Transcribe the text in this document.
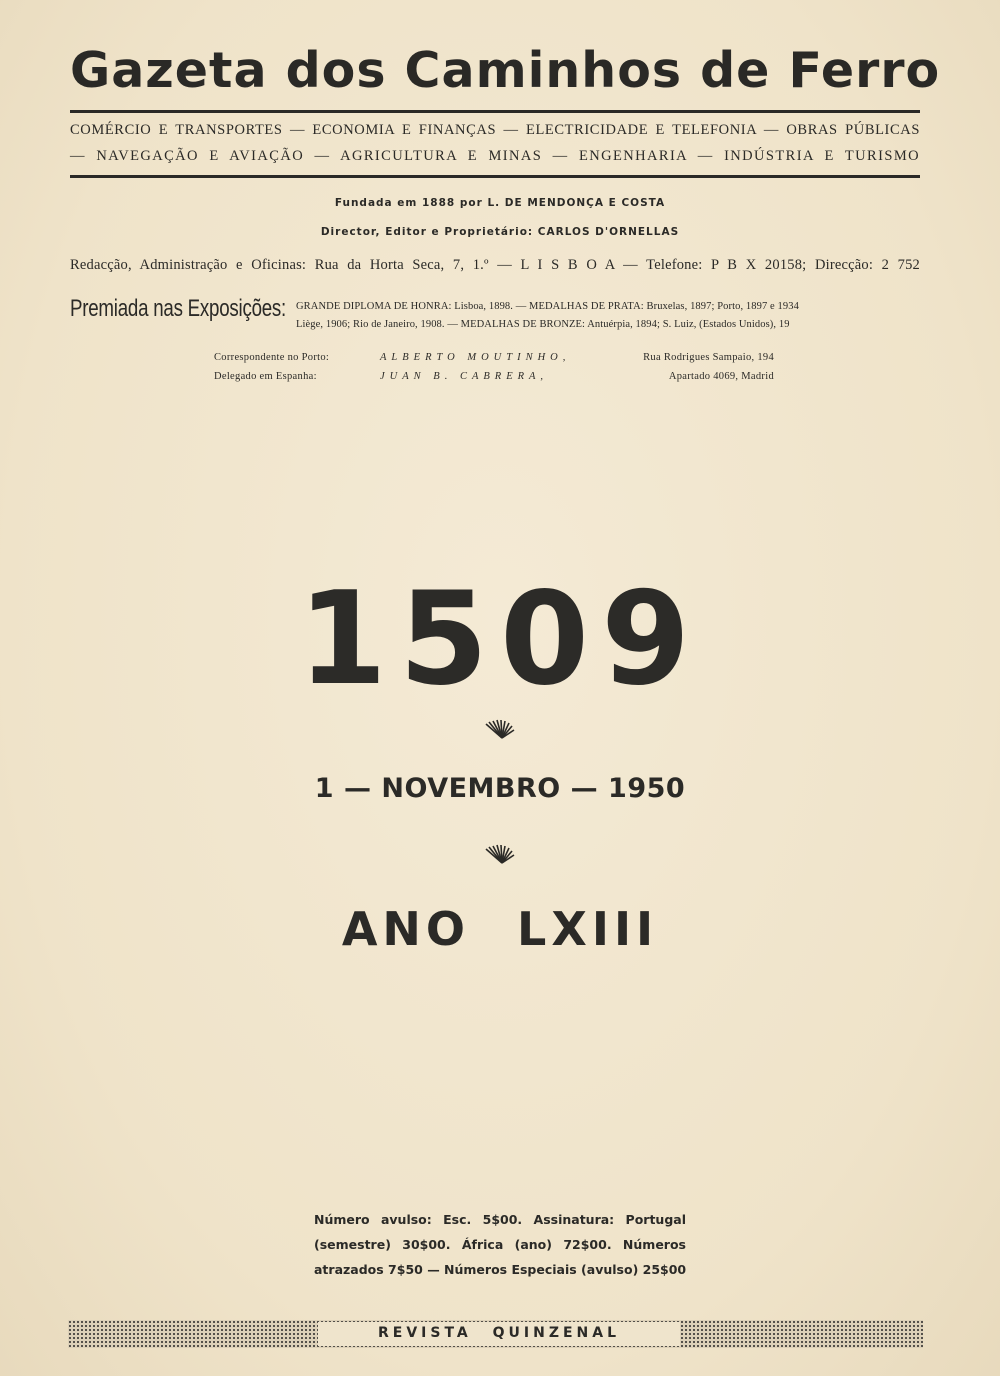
Gazeta dos Caminhos de Ferro
COMÉRCIO E TRANSPORTES — ECONOMIA E FINANÇAS — ELECTRICIDADE E TELEFONIA — OBRAS PÚBLICAS
— NAVEGAÇÃO E AVIAÇÃO — AGRICULTURA E MINAS — ENGENHARIA — INDÚSTRIA E TURISMO
Fundada em 1888 por L. DE MENDONÇA E COSTA
Director, Editor e Proprietário: CARLOS D'ORNELLAS
Redacção, Administração e Oficinas: Rua da Horta Seca, 7, 1.º — L I S B O A — Telefone: P B X 20158; Direcção: 2 752
Premiada nas Exposições: GRANDE DIPLOMA DE HONRA: Lisboa, 1898. — MEDALHAS DE PRATA: Bruxelas, 1897; Porto, 1897 e 1934
Liège, 1906; Rio de Janeiro, 1908. — MEDALHAS DE BRONZE: Antuérpia, 1894; S. Luiz, (Estados Unidos), 19
Correspondente no Porto:	ALBERTO MOUTINHO,	Rua Rodrigues Sampaio, 194
Delegado em Espanha:	JUAN B. CABRERA,	Apartado 4069, Madrid
1509
1 — NOVEMBRO — 1950
ANO LXIII
Número avulso: Esc. 5$00. Assinatura: Portugal
(semestre) 30$00. África (ano) 72$00. Números
atrazados 7$50 — Números Especiais (avulso) 25$00
REVISTA QUINZENAL
